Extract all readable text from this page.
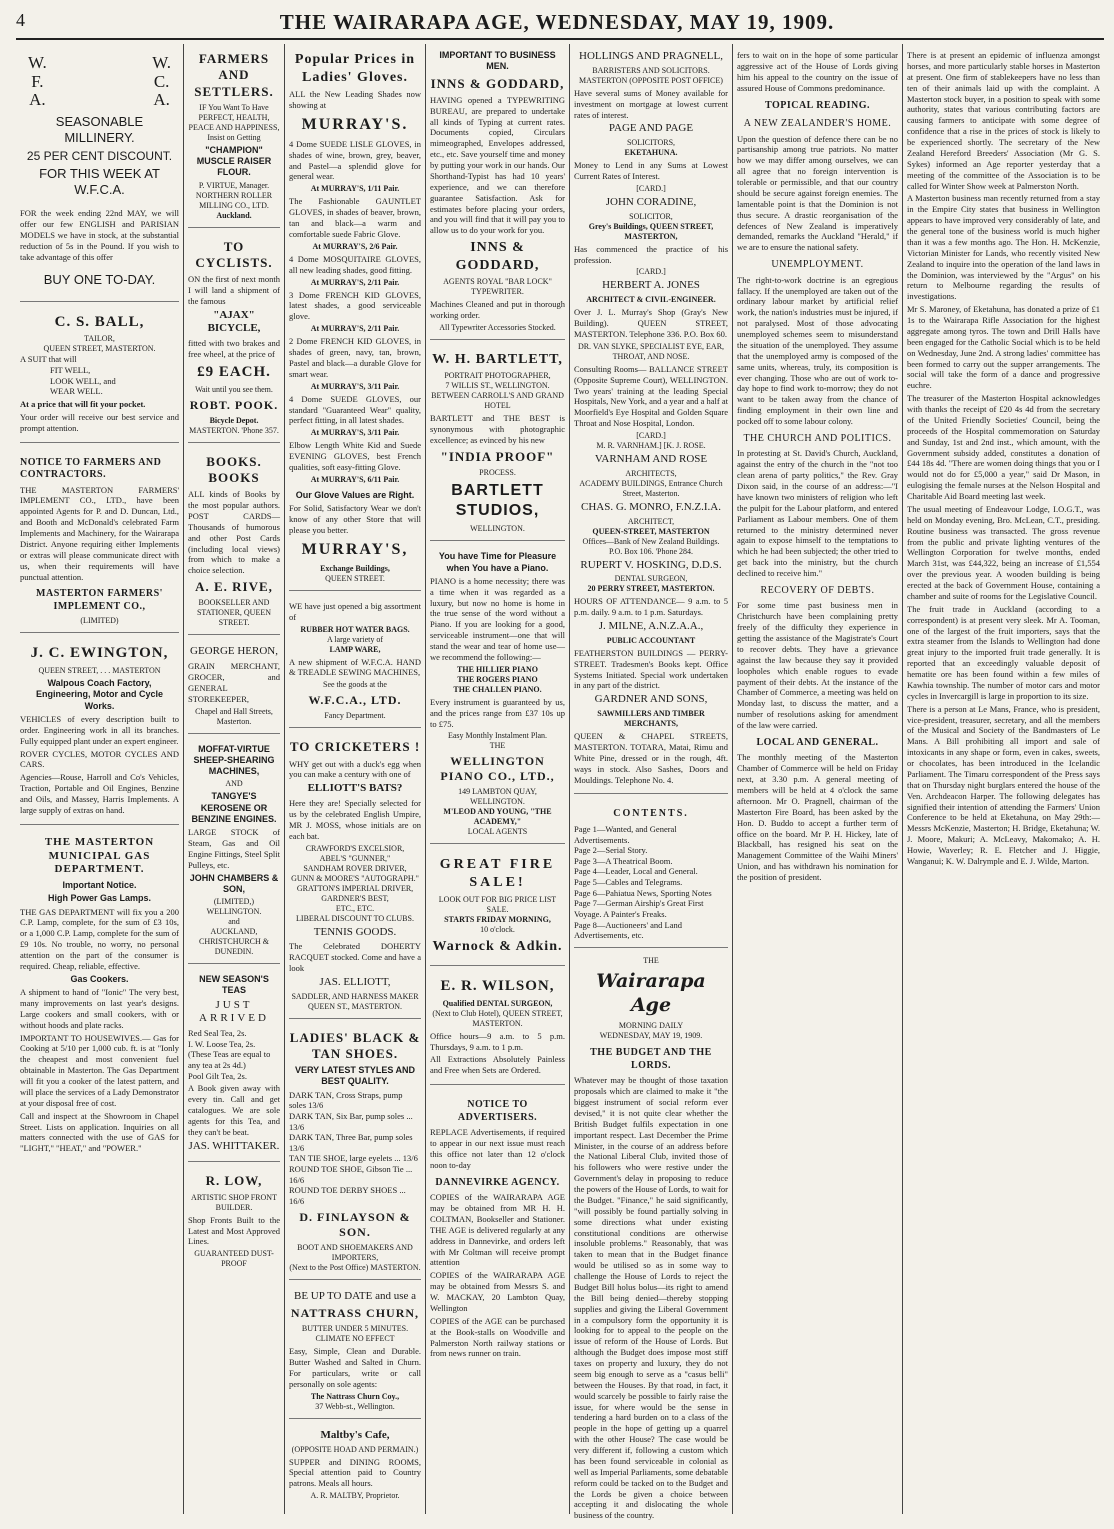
4	THE WAIRARAPA AGE, WEDNESDAY, MAY 19, 1909.
W.
F.
A.
W.
C.
A.
SEASONABLE MILLINERY.
25 PER CENT DISCOUNT.
FOR THIS WEEK AT W.F.C.A.
FOR the week ending 22nd MAY, we will offer our few ENGLISH and PARISIAN MODELS we have in stock, at the substantial reduction of 5s in the Pound. If you wish to take advantage of this offer
BUY ONE TO-DAY.
C. S. BALL,
TAILOR,
QUEEN STREET, MASTERTON.
A SUIT that will
FIT WELL,
LOOK WELL, and
WEAR WELL.
At a price that will fit your pocket.
Your order will receive our best service and prompt attention.
NOTICE TO FARMERS AND CONTRACTORS.
THE MASTERTON FARMERS' IMPLEMENT CO., LTD., have been appointed Agents for P. and D. Duncan, Ltd., and Booth and McDonald's celebrated Farm Implements and Machinery, for the Wairarapa District. Anyone requiring either Implements or extras will please communicate direct with us, when their requirements will have punctual attention.
MASTERTON FARMERS' IMPLEMENT CO.,
(LIMITED)
J. C. EWINGTON,
QUEEN STREET, . . . MASTERTON
Walpous Coach Factory, Engineering, Motor and Cycle Works.
VEHICLES of every description built to order. Engineering work in all its branches. Fully equipped plant under an expert engineer.
ROVER CYCLES, MOTOR CYCLES AND CARS.
Agencies—Rouse, Harroll and Co's Vehicles, Traction, Portable and Oil Engines, Benzine and Oils, and Massey, Harris Implements. A large supply of extras on hand.
THE MASTERTON MUNICIPAL GAS DEPARTMENT.
Important Notice.
High Power Gas Lamps.
THE GAS DEPARTMENT will fix you a 200 C.P. Lamp, complete, for the sum of £3 10s, or a 1,000 C.P. Lamp, complete for the sum of £9 10s. No trouble, no worry, no personal attention on the part of the consumer is required. Cheap, reliable, effective.
Gas Cookers.
A shipment to hand of "Ionic" The very best, many improvements on last year's designs. Large cookers and small cookers, with or without hoods and plate racks.
IMPORTANT TO HOUSEWIVES.— Gas for Cooking at 5/10 per 1,000 cub. ft. is at "Ionly the cheapest and most convenient fuel obtainable in Masterton. The Gas Department will fit you a cooker of the latest pattern, and will place the services of a Lady Demonstrator at your disposal free of cost.
Call and inspect at the Showroom in Chapel Street. Lists on application. Inquiries on all matters connected with the use of GAS for "LIGHT," "HEAT," and "POWER."
FARMERS AND SETTLERS.
IF You Want To Have
PERFECT, HEALTH, PEACE AND HAPPINESS,
Insist on Getting
"CHAMPION" MUSCLE RAISER FLOUR.
P. VIRTUE, Manager.
NORTHERN ROLLER MILLING CO., LTD.
Auckland.
TO CYCLISTS.
ON the first of next month I will land a shipment of the famous
"AJAX" BICYCLE,
fitted with two brakes and free wheel, at the price of
£9 EACH.
Wait until you see them.
ROBT. POOK.
Bicycle Depot.
MASTERTON. 'Phone 357.
BOOKS. BOOKS
ALL kinds of Books by the most popular authors. POST CARDS—Thousands of humorous and other Post Cards (including local views) from which to make a choice selection.
A. E. RIVE,
BOOKSELLER AND STATIONER, QUEEN STREET.
GEORGE HERON,
GRAIN MERCHANT, GROCER, and GENERAL STOREKEEPER,
Chapel and Hall Streets, Masterton.
MOFFAT-VIRTUE SHEEP-SHEARING MACHINES,
AND
TANGYE'S KEROSENE OR BENZINE ENGINES.
LARGE STOCK of Steam, Gas and Oil Engine Fittings, Steel Split Pulleys, etc.
JOHN CHAMBERS & SON,
(LIMITED,)
WELLINGTON.
and
AUCKLAND, CHRISTCHURCH & DUNEDIN.
NEW SEASON'S TEAS
JUST ARRIVED
Red Seal Tea, 2s.
I. W. Loose Tea, 2s.
(These Teas are equal to any tea at 2s 4d.)
Pool Gilt Tea, 2s.
A Book given away with every tin. Call and get catalogues. We are sole agents for this Tea, and they can't be beat.
JAS. WHITTAKER.
R. LOW,
ARTISTIC SHOP FRONT BUILDER.
Shop Fronts Built to the Latest and Most Approved Lines.
GUARANTEED DUST-PROOF
Popular Prices in Ladies' Gloves.
ALL the New Leading Shades now showing at
MURRAY'S.
4 Dome SUEDE LISLE GLOVES, in shades of wine, brown, grey, beaver, and Pastel—a splendid glove for general wear.
At MURRAY'S, 1/11 Pair.
The Fashionable GAUNTLET GLOVES, in shades of beaver, brown, tan and black—a warm and comfortable suede Fabric Glove.
At MURRAY'S, 2/6 Pair.
4 Dome MOSQUITAIRE GLOVES, all new leading shades, good fitting.
At MURRAY'S, 2/11 Pair.
3 Dome FRENCH KID GLOVES, latest shades, a good serviceable glove.
At MURRAY'S, 2/11 Pair.
2 Dome FRENCH KID GLOVES, in shades of green, navy, tan, brown, Pastel and black—a durable Glove for smart wear.
At MURRAY'S, 3/11 Pair.
4 Dome SUEDE GLOVES, our standard "Guaranteed Wear" quality, perfect fitting, in all latest shades.
At MURRAY'S, 3/11 Pair.
Elbow Length White Kid and Suede EVENING GLOVES, best French qualities, soft easy-fitting Glove.
At MURRAY'S, 6/11 Pair.
Our Glove Values are Right.
For Solid, Satisfactory Wear we don't know of any other Store that will please you better.
MURRAY'S,
Exchange Buildings,
QUEEN STREET.
WE have just opened a big assortment of
RUBBER HOT WATER BAGS.
A large variety of
LAMP WARE,
A new shipment of W.F.C.A. HAND & TREADLE SEWING MACHINES,
See the goods at the
W.F.C.A., LTD.
Fancy Department.
TO CRICKETERS !
WHY get out with a duck's egg when you can make a century with one of
ELLIOTT'S BATS?
Here they are! Specially selected for us by the celebrated English Umpire, MR J. MOSS, whose initials are on each bat.
CRAWFORD'S EXCELSIOR,
ABEL'S "GUNNER,"
SANDHAM ROVER DRIVER,
GUNN & MOORE'S "AUTOGRAPH."
GRATTON'S IMPERIAL DRIVER,
GARDNER'S BEST,
ETC., ETC.
LIBERAL DISCOUNT TO CLUBS.
TENNIS GOODS.
The Celebrated DOHERTY RACQUET stocked. Come and have a look
JAS. ELLIOTT,
SADDLER, AND HARNESS MAKER QUEEN ST., MASTERTON.
LADIES' BLACK & TAN SHOES.
VERY LATEST STYLES AND BEST QUALITY.
DARK TAN, Cross Straps, pump soles 13/6
DARK TAN, Six Bar, pump soles ... 13/6
DARK TAN, Three Bar, pump soles 13/6
TAN TIE SHOE, large eyelets ... 13/6
ROUND TOE SHOE, Gibson Tie ... 16/6
ROUND TOE DERBY SHOES ... 16/6
D. FINLAYSON & SON.
BOOT AND SHOEMAKERS AND IMPORTERS,
(Next to the Post Office) MASTERTON.
BE UP TO DATE and use a
NATTRASS CHURN,
BUTTER UNDER 5 MINUTES. CLIMATE NO EFFECT
Easy, Simple, Clean and Durable. Butter Washed and Salted in Churn. For particulars, write or call personally on sole agents:
The Nattrass Churn Coy.,
37 Webb-st., Wellington.
Maltby's Cafe,
(OPPOSITE HOAD AND PERMAIN.)
SUPPER and DINING ROOMS, Special attention paid to Country patrons. Meals all hours.
A. R. MALTBY, Proprietor.
IMPORTANT TO BUSINESS MEN.
INNS & GODDARD,
HAVING opened a TYPEWRITING BUREAU, are prepared to undertake all kinds of Typing at current rates. Documents copied, Circulars mimeographed, Envelopes addressed, etc., etc. Save yourself time and money by putting your work in our hands. Our Shorthand-Typist has had 10 years' experience, and we can therefore guarantee Satisfaction. Ask for estimates before placing your orders, and you will find that it will pay you to allow us to do your work for you.
INNS & GODDARD,
AGENTS ROYAL "BAR LOCK" TYPEWRITER.
Machines Cleaned and put in thorough working order.
All Typewriter Accessories Stocked.
W. H. BARTLETT,
PORTRAIT PHOTOGRAPHER,
7 WILLIS ST., WELLINGTON.
BETWEEN CARROLL'S AND GRAND HOTEL
BARTLETT and THE BEST is synonymous with photographic excellence; as evinced by his new
"INDIA PROOF"
PROCESS.
BARTLETT STUDIOS,
WELLINGTON.
You have Time for Pleasure when You have a Piano.
PIANO is a home necessity; there was a time when it was regarded as a luxury, but now no home is home in the true sense of the word without a Piano. If you are looking for a good, serviceable instrument—one that will stand the wear and tear of home use—we recommend the following:—
THE HILLIER PIANO
THE ROGERS PIANO
THE CHALLEN PIANO.
Every instrument is guaranteed by us, and the prices range from £37 10s up to £75.
Easy Monthly Instalment Plan.
THE
WELLINGTON PIANO CO., LTD.,
149 LAMBTON QUAY, WELLINGTON.
M'LEOD AND YOUNG, "THE ACADEMY,"
LOCAL AGENTS
GREAT FIRE SALE!
LOOK OUT FOR BIG PRICE LIST SALE.
STARTS FRIDAY MORNING,
10 o'clock.
Warnock & Adkin.
E. R. WILSON,
Qualified DENTAL SURGEON,
(Next to Club Hotel), QUEEN STREET, MASTERTON.
Office hours—9 a.m. to 5 p.m. Thursdays, 9 a.m. to 1 p.m.
All Extractions Absolutely Painless and Free when Sets are Ordered.
NOTICE TO ADVERTISERS.
REPLACE Advertisements, if required to appear in our next issue must reach this office not later than 12 o'clock noon to-day
DANNEVIRKE AGENCY.
COPIES of the WAIRARAPA AGE may be obtained from MR H. H. COLTMAN, Bookseller and Stationer. THE AGE is delivered regularly at any address in Dannevirke, and orders left with Mr Coltman will receive prompt attention
COPIES of the WAIRARAPA AGE may be obtained from Messrs S. and W. MACKAY, 20 Lambton Quay, Wellington
COPIES of the AGE can be purchased at the Book-stalls on Woodville and Palmerston North railway stations or from news runner on train.
HOLLINGS AND PRAGNELL,
BARRISTERS AND SOLICITORS.
MASTERTON (OPPOSITE POST OFFICE)
Have several sums of Money available for investment on mortgage at lowest current rates of interest.
PAGE AND PAGE
SOLICITORS,
EKETAHUNA.
Money to Lend in any Sums at Lowest Current Rates of Interest.
[CARD.]
JOHN CORADINE,
SOLICITOR,
Grey's Buildings, QUEEN STREET, MASTERTON,
Has commenced the practice of his profession.
[CARD.]
HERBERT A. JONES
ARCHITECT & CIVIL-ENGINEER.
Over J. L. Murray's Shop (Gray's New Building). QUEEN STREET, MASTERTON. Telephone 336. P.O. Box 60.
DR. VAN SLYKE, SPECIALIST EYE, EAR, THROAT, AND NOSE.
Consulting Rooms— BALLANCE STREET (Opposite Supreme Court), WELLINGTON. Two years' training at the leading Special Hospitals, New York, and a year and a half at Moorfield's Eye Hospital and Golden Square Throat and Nose Hospital, London.
[CARD.]
M. R. VARNHAM.] [K. J. ROSE.
VARNHAM AND ROSE
ARCHITECTS,
ACADEMY BUILDINGS, Entrance Church Street, Masterton.
CHAS. G. MONRO, F.N.Z.I.A.
ARCHITECT,
QUEEN-STREET, MASTERTON
Offices—Bank of New Zealand Buildings.
P.O. Box 106. 'Phone 284.
RUPERT V. HOSKING, D.D.S.
DENTAL SURGEON,
20 PERRY STREET, MASTERTON.
HOURS OF ATTENDANCE— 9 a.m. to 5 p.m. daily. 9 a.m. to 1 p.m. Saturdays.
J. MILNE, A.N.Z.A.A.,
PUBLIC ACCOUNTANT
FEATHERSTON BUILDINGS — PERRY-STREET. Tradesmen's Books kept. Office Systems Initiated. Special work undertaken in any part of the district.
GARDNER AND SONS,
SAWMILLERS AND TIMBER MERCHANTS,
QUEEN & CHAPEL STREETS, MASTERTON. TOTARA, Matai, Rimu and White Pine, dressed or in the rough, 4ft. ways in stock. Also Sashes, Doors and Mouldings. Telephone No. 4.
CONTENTS.
Page 1—Wanted, and General Advertisements.
Page 2—Serial Story.
Page 3—A Theatrical Boom.
Page 4—Leader, Local and General.
Page 5—Cables and Telegrams.
Page 6—Pahiatua News, Sporting Notes
Page 7—German Airship's Great First Voyage. A Painter's Freaks.
Page 8—Auctioneers' and Land Advertisements, etc.
THE
Wairarapa Age
MORNING DAILY
WEDNESDAY, MAY 19, 1909.
THE BUDGET AND THE LORDS.
Whatever may be thought of those taxation proposals which are claimed to make it "the biggest instrument of social reform ever devised," it is not quite clear whether the British Budget fulfils expectation in one important respect. Last December the Prime Minister, in the course of an address before the National Liberal Club, invited those of his followers who were restive under the Government's delay in proposing to reduce the powers of the House of Lords, to wait for the Budget. "Finance," he said significantly, "will possibly be found partially solving in some directions what under existing constitutional conditions are otherwise insoluble problems." Reasonably, that was taken to mean that in the Budget finance would be utilised so as in some way to challenge the House of Lords to reject the Budget Bill holus bolus—its right to amend the Bill being denied—thereby stopping supplies and giving the Liberal Government in a compulsory form the opportunity it is looking for to appeal to the people on the issue of reform of the House of Lords. But although the Budget does impose most stiff taxes on property and luxury, they do not seem big enough to serve as a "casus belli" between the Houses. By that road, in fact, it would scarcely be possible to fairly raise the issue, for where would be the sense in tendering a hard burden on to a class of the people in the hope of getting up a quarrel with the other House? The case would be very different if, following a custom which has been found serviceable in colonial as well as Imperial Parliaments, some debatable reform could be tacked on to the Budget and the Lords be given a choice between accepting it and dislocating the whole business of the country.
fers to wait on in the hope of some particular aggressive act of the House of Lords giving him his appeal to the country on the issue of assured House of Commons predominance.
TOPICAL READING.
A NEW ZEALANDER'S HOME.
Upon the question of defence there can be no partisanship among true patriots. No matter how we may differ among ourselves, we can all agree that no foreign intervention is tolerable or permissible, and that our country should be secure against foreign enemies. The lamentable point is that the Dominion is not thus secure. A drastic reorganisation of the defences of New Zealand is imperatively demanded, remarks the Auckland "Herald," if we are to ensure the national safety.
UNEMPLOYMENT.
The right-to-work doctrine is an egregious fallacy. If the unemployed are taken out of the ordinary labour market by artificial relief work, the nation's industries must be injured, if not paralysed. Most of those advocating unemployed schemes seem to misunderstand the situation of the unemployed. They assume that the unemployed army is composed of the same units, whereas, truly, its composition is ever changing. Those who are out of work to-day hope to find work to-morrow; they do not want to be taken away from the chance of finding employment in their own line and pocked off to some labour colony.
THE CHURCH AND POLITICS.
In protesting at St. David's Church, Auckland, against the entry of the church in the "not too clean arena of party politics," the Rev. Gray Dixon said, in the course of an address:—"I have known two ministers of religion who left the pulpit for the Labour platform, and entered Parliament as Labour members. One of them returned to the ministry determined never again to expose himself to the temptations to which he had been subjected; the other tried to get back into the ministry, but the church declined to receive him."
RECOVERY OF DEBTS.
For some time past business men in Christchurch have been complaining pretty freely of the difficulty they experience in getting the assistance of the Magistrate's Court to recover debts. They have a grievance against the law because they say it provided loopholes which enable rogues to evade payment of their debts. At the instance of the Chamber of Commerce, a meeting was held on Monday last, to discuss the matter, and a number of resolutions asking for amendment of the law were carried.
LOCAL AND GENERAL.
The monthly meeting of the Masterton Chamber of Commerce will be held on Friday next, at 3.30 p.m. A general meeting of members will be held at 4 o'clock the same afternoon. Mr O. Pragnell, chairman of the Masterton Fire Board, has been asked by the Hon. D. Buddo to accept a further term of office on the board. Mr P. H. Hickey, late of Blackball, has resigned his seat on the Management Committee of the Waihi Miners' Union, and has withdrawn his nomination for the position of president.
There is at present an epidemic of influenza amongst horses, and more particularly stable horses in Masterton at present. One firm of stablekeepers have no less than ten of their animals laid up with the complaint. A Masterton stock buyer, in a position to speak with some authority, states that various contributing factors are causing farmers to anticipate with some degree of confidence that a rise in the prices of stock is likely to be experienced shortly. The secretary of the New Zealand Hereford Breeders' Association (Mr G. S. Sykes) informed an Age reporter yesterday that a meeting of the committee of the Association is to be called for Winter Show week at Palmerston North.
A Masterton business man recently returned from a stay in the Empire City states that business in Wellington appears to have improved very considerably of late, and the general tone of the business world is much higher than it was a few months ago. The Hon. H. McKenzie, Victorian Minister for Lands, who recently visited New Zealand to inquire into the operation of the land laws in the Dominion, was interviewed by the "Argus" on his return to Melbourne regarding the results of investigations.
Mr S. Maroney, of Eketahuna, has donated a prize of £1 1s to the Wairarapa Rifle Association for the highest aggregate among tyros. The town and Drill Halls have been engaged for the Catholic Social which is to be held on Wednesday, June 2nd. A strong ladies' committee has been formed to carry out the supper arrangements. The social will take the form of a dance and progressive euchre.
The treasurer of the Masterton Hospital acknowledges with thanks the receipt of £20 4s 4d from the secretary of the United Friendly Societies' Council, being the proceeds of the Hospital commemoration on Saturday and Sunday, 1st and 2nd inst., which amount, with the Government subsidy added, constitutes a donation of £44 18s 4d. "There are women doing things that you or I would not do for £5,000 a year," said Dr Mason, in eulogising the female nurses at the Nelson Hospital and Charitable Aid Board meeting last week.
The usual meeting of Endeavour Lodge, I.O.G.T., was held on Monday evening, Bro. McLean, C.T., presiding. Routine business was transacted. The gross revenue from the public and private lighting ventures of the Wellington Corporation for twelve months, ended March 31st, was £44,322, being an increase of £1,554 over the previous year. A wooden building is being erected at the back of Government House, containing a chamber and suite of rooms for the Legislative Council.
The fruit trade in Auckland (according to a correspondent) is at present very sleek. Mr A. Tooman, one of the largest of the fruit importers, says that the extra steamer from the Islands to Wellington had done great injury to the imported fruit trade generally. It is reported that an exceedingly valuable deposit of hematite ore has been found within a few miles of Kawhia township. The number of motor cars and motor cycles in Invercargill is large in proportion to its size.
There is a person at Le Mans, France, who is president, vice-president, treasurer, secretary, and all the members of the Musical and Society of the Bandmasters of Le Mans. A Bill prohibiting all import and sale of intoxicants in any shape or form, even in cakes, sweets, or chocolates, has been introduced in the Icelandic Parliament. The Timaru correspondent of the Press says that on Thursday night burglars entered the house of the Ven. Archdeacon Harper. The following delegates has signified their intention of attending the Farmers' Union Conference to be held at Eketahuna, on May 29th:—Messrs McKenzie, Masterton; H. Bridge, Eketahuna; W. J. Moore, Makuri; A. McLeavy, Makomako; A. H. Howie, Waverley; R. E. Fletcher and J. Higgie, Wanganui; K. W. Dalrymple and E. J. Wilde, Marton.
